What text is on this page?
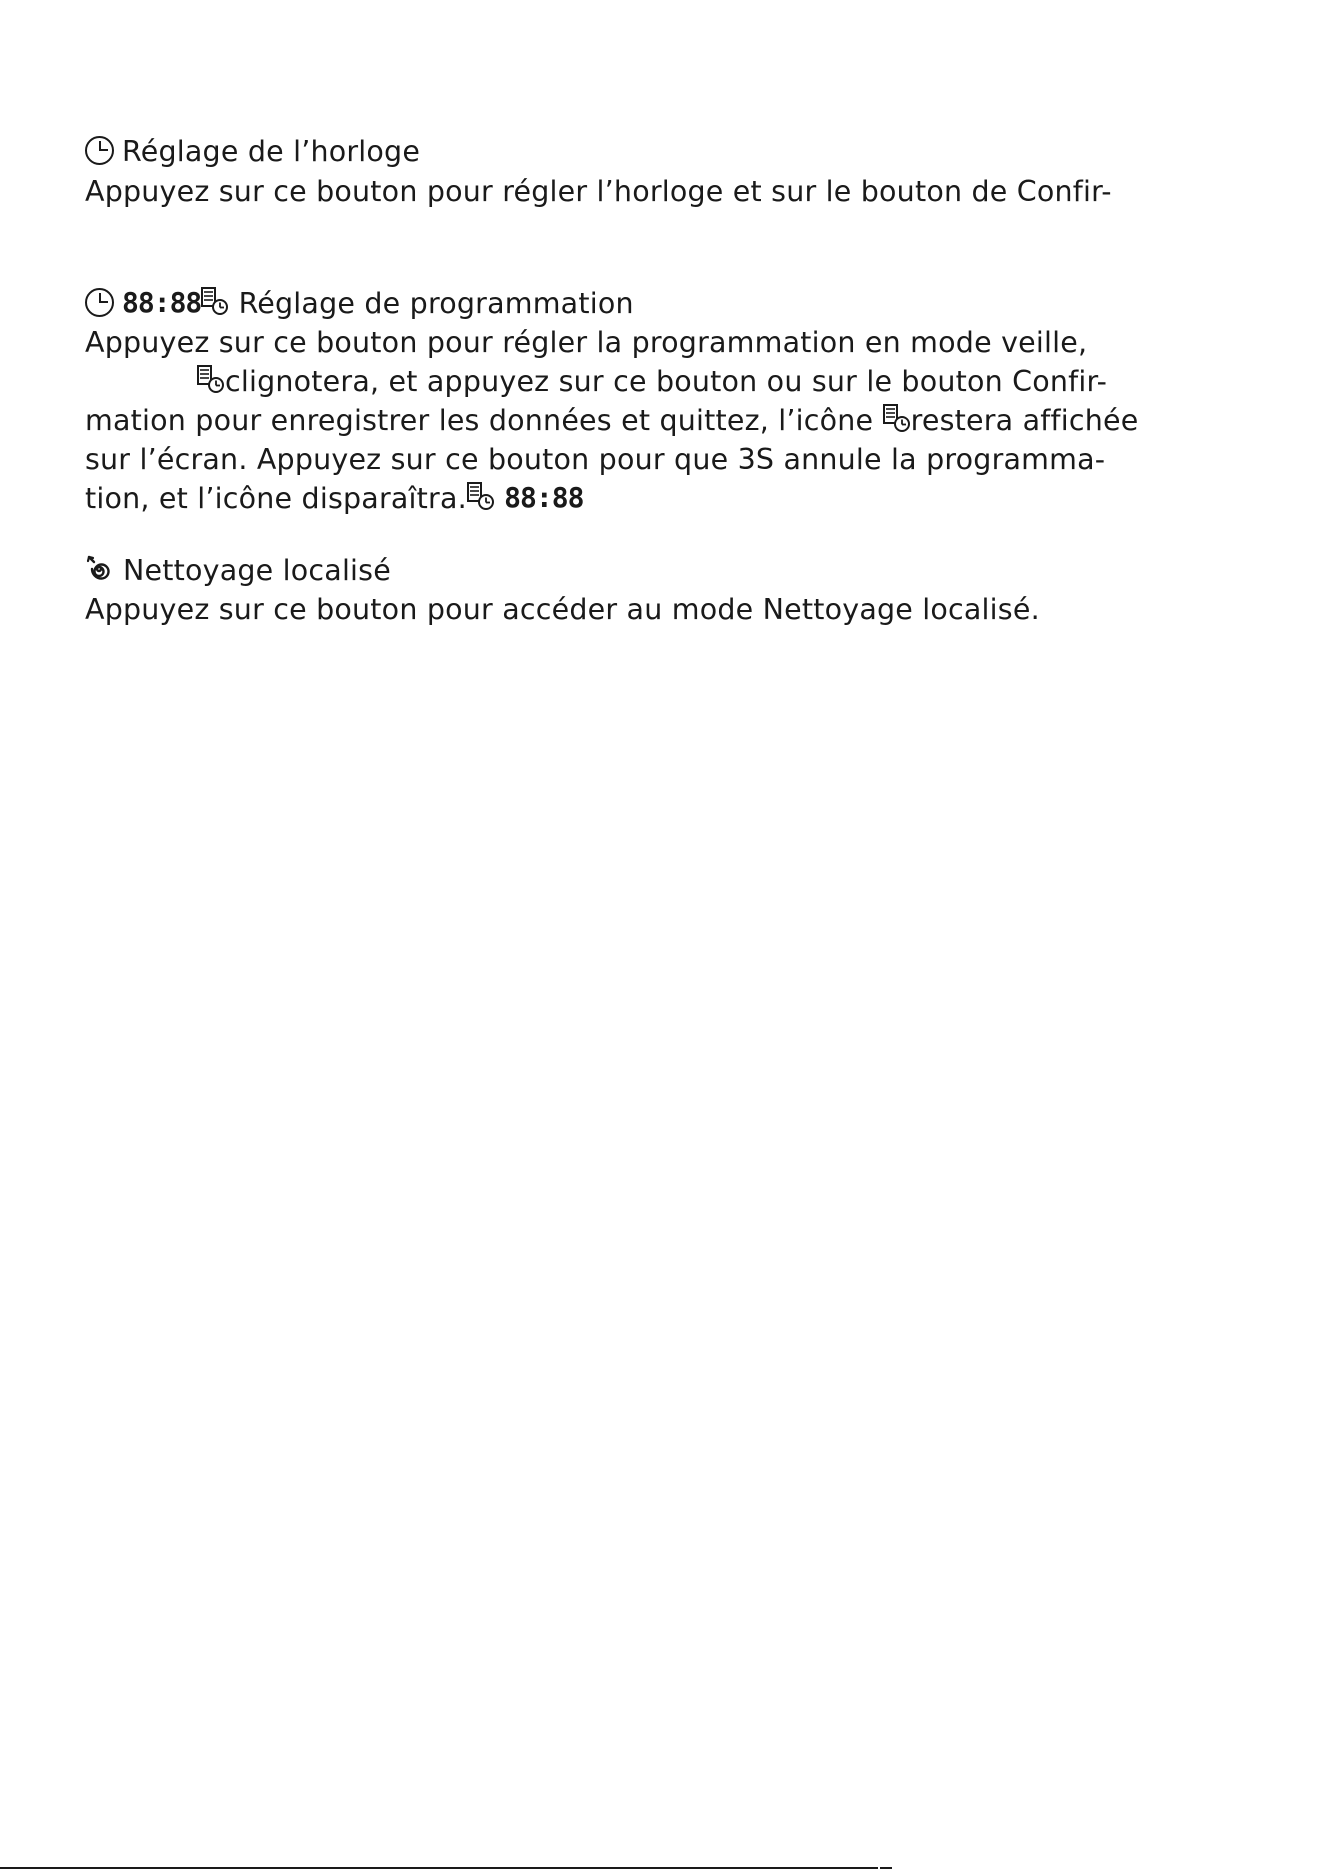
Réglage de l’horloge
Appuyez sur ce bouton pour régler l’horloge et sur le bouton de Confir-
88:88 Réglage de programmation
Appuyez sur ce bouton pour régler la programmation en mode veille,
clignotera, et appuyez sur ce bouton ou sur le bouton Confir-
mation pour enregistrer les données et quittez, l’icône
restera affichée
sur l’écran. Appuyez sur ce bouton pour que 3S annule la programma-
tion, et l’icône disparaîtra. 88:88
Nettoyage localisé
Appuyez sur ce bouton pour accéder au mode Nettoyage localisé.
